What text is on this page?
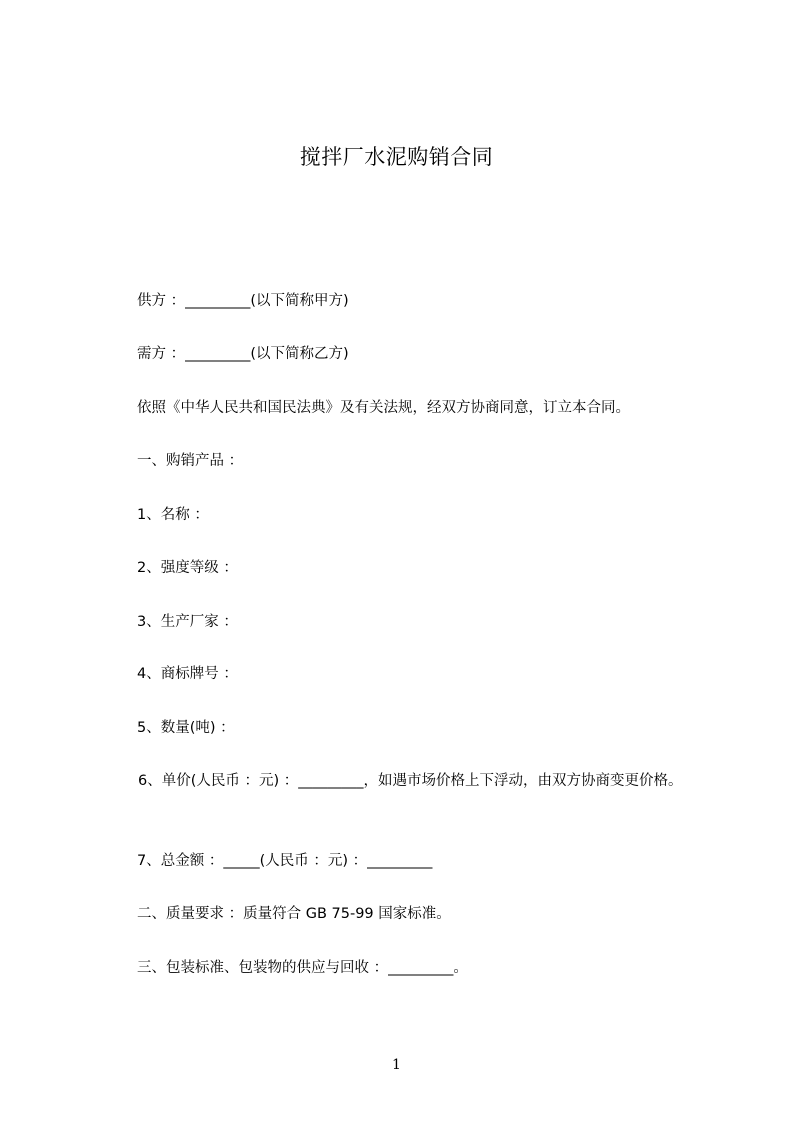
搅拌厂水泥购销合同
供方 ：_________(以下简称甲方)
需方 ：_________(以下简称乙方)
依照《中华人民共和国民法典》及有关法规，经双方协商同意，订立本合同。
一、购销产品 ：
1、名称 ：
2、强度等级 ：
3、生产厂家 ：
4、商标牌号 ：
5、数量(吨) ：
6、单价(人民币 ：元) ：_________，如遇市场价格上下浮动，由双方协商变更价格。
7、总金额 ：_____(人民币 ：元) ：_________
二、质量要求 ：质量符合 GB 75-99 国家标准。
三、包装标准、包装物的供应与回收 ：_________。
1
